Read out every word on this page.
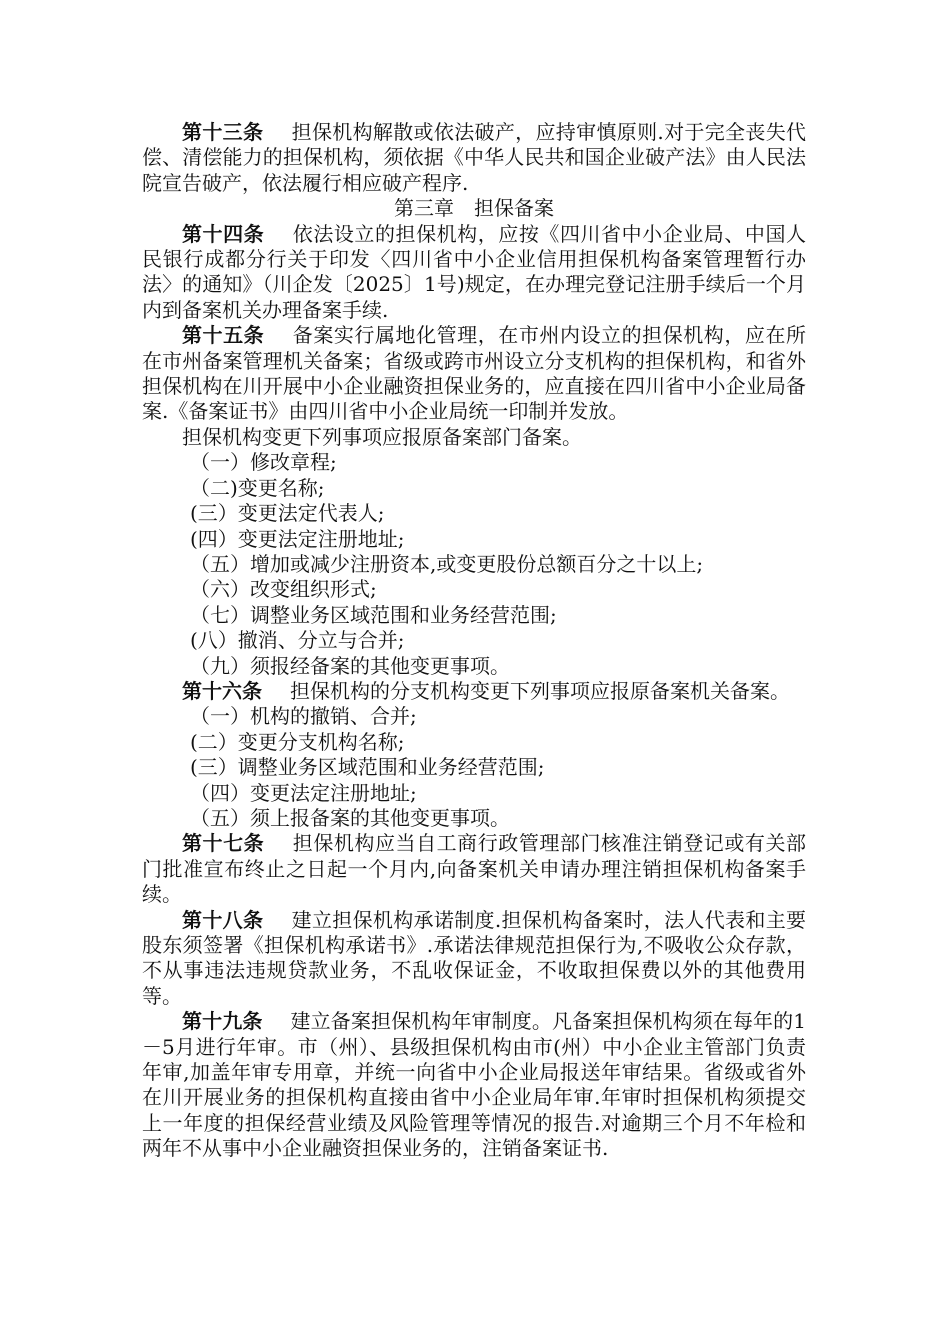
第十三条 担保机构解散或依法破产，应持审慎原则.对于完全丧失代偿、清偿能力的担保机构，须依据《中华人民共和国企业破产法》由人民法院宣告破产，依法履行相应破产程序.

第三章　担保备案

第十四条 依法设立的担保机构，应按《四川省中小企业局、中国人民银行成都分行关于印发〈四川省中小企业信用担保机构备案管理暂行办法〉的通知》（川企发〔2025〕1号)规定，在办理完登记注册手续后一个月内到备案机关办理备案手续.

第十五条 备案实行属地化管理，在市州内设立的担保机构，应在所在市州备案管理机关备案；省级或跨市州设立分支机构的担保机构，和省外担保机构在川开展中小企业融资担保业务的，应直接在四川省中小企业局备案.《备案证书》由四川省中小企业局统一印制并发放。

担保机构变更下列事项应报原备案部门备案。

（一）修改章程;

（二)变更名称;

(三）变更法定代表人;

(四）变更法定注册地址;

（五）增加或减少注册资本,或变更股份总额百分之十以上;

（六）改变组织形式;

（七）调整业务区域范围和业务经营范围;

(八）撤消、分立与合并;

（九）须报经备案的其他变更事项。

第十六条 担保机构的分支机构变更下列事项应报原备案机关备案。

（一）机构的撤销、合并;

(二）变更分支机构名称;

(三）调整业务区域范围和业务经营范围;

（四）变更法定注册地址;

（五）须上报备案的其他变更事项。

第十七条 担保机构应当自工商行政管理部门核准注销登记或有关部门批准宣布终止之日起一个月内,向备案机关申请办理注销担保机构备案手续。

第十八条 建立担保机构承诺制度.担保机构备案时，法人代表和主要股东须签署《担保机构承诺书》.承诺法律规范担保行为,不吸收公众存款，不从事违法违规贷款业务，不乱收保证金，不收取担保费以外的其他费用等。

第十九条 建立备案担保机构年审制度。凡备案担保机构须在每年的1－5月进行年审。市（州）、县级担保机构由市(州）中小企业主管部门负责年审,加盖年审专用章，并统一向省中小企业局报送年审结果。省级或省外在川开展业务的担保机构直接由省中小企业局年审.年审时担保机构须提交上一年度的担保经营业绩及风险管理等情况的报告.对逾期三个月不年检和两年不从事中小企业融资担保业务的，注销备案证书.
